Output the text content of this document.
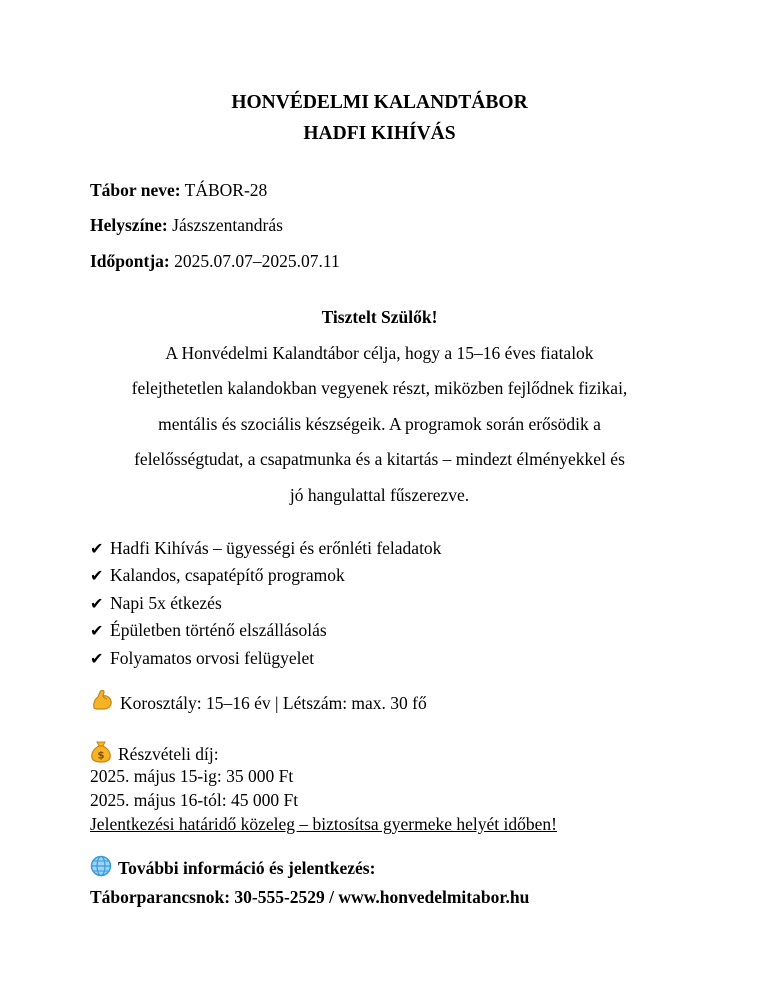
HONVÉDELMI KALANDTÁBOR
HADFI KIHÍVÁS
Tábor neve: TÁBOR-28
Helyszíne: Jászszentandrás
Időpontja: 2025.07.07–2025.07.11
Tisztelt Szülők!
A Honvédelmi Kalandtábor célja, hogy a 15–16 éves fiatalok
felejthetetlen kalandokban vegyenek részt, miközben fejlődnek fizikai,
mentális és szociális készségeik. A programok során erősödik a
felelősségtudat, a csapatmunka és a kitartás – mindezt élményekkel és
jó hangulattal fűszerezve.
✔ Hadfi Kihívás – ügyességi és erőnléti feladatok
✔ Kalandos, csapatépítő programok
✔ Napi 5x étkezés
✔ Épületben történő elszállásolás
✔ Folyamatos orvosi felügyelet
Korosztály: 15–16 év | Létszám: max. 30 fő
$ Részvételi díj:
2025. május 15-ig: 35 000 Ft
2025. május 16-tól: 45 000 Ft
Jelentkezési határidő közeleg – biztosítsa gyermeke helyét időben!
További információ és jelentkezés:
Táborparancsnok: 30-555-2529 / www.honvedelmitabor.hu
